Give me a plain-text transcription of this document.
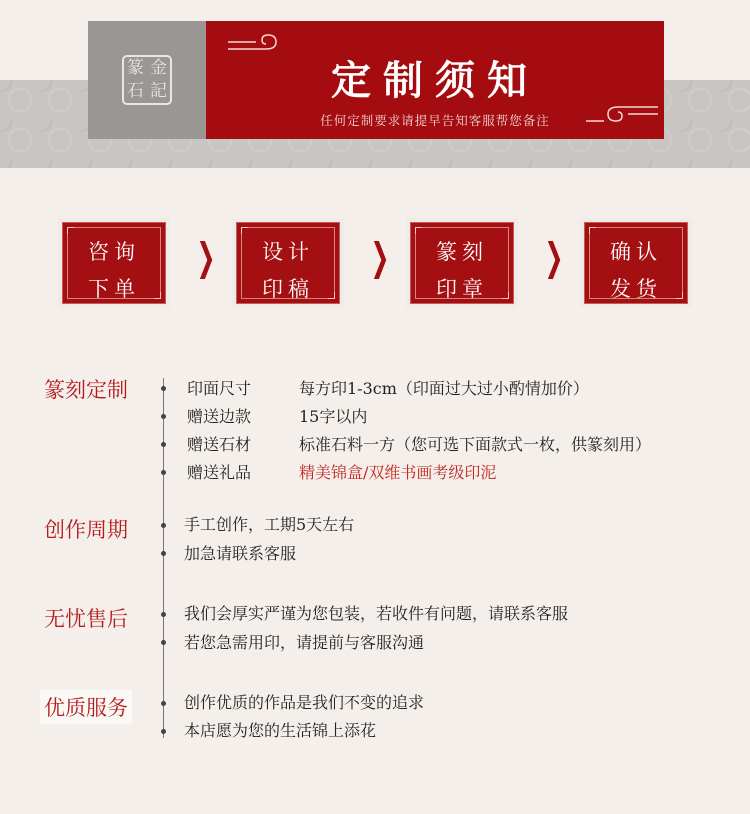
篆 金
石 記	定制须知
任何定制要求请提早告知客服帮您备注
咨询
下单
❯	设计
印稿
❯	篆刻
印章
❯	确认
发货
篆刻定制	印面尺寸	每方印1-3cm（印面过大过小酌情加价）
赠送边款	15字以内
赠送石材	标准石料一方（您可选下面款式一枚，供篆刻用）
赠送礼品	精美锦盒/双维书画考级印泥
创作周期	手工创作，工期5天左右
加急请联系客服
无忧售后	我们会厚实严谨为您包装，若收件有问题，请联系客服
若您急需用印，请提前与客服沟通
优质服务	创作优质的作品是我们不变的追求
本店愿为您的生活锦上添花
